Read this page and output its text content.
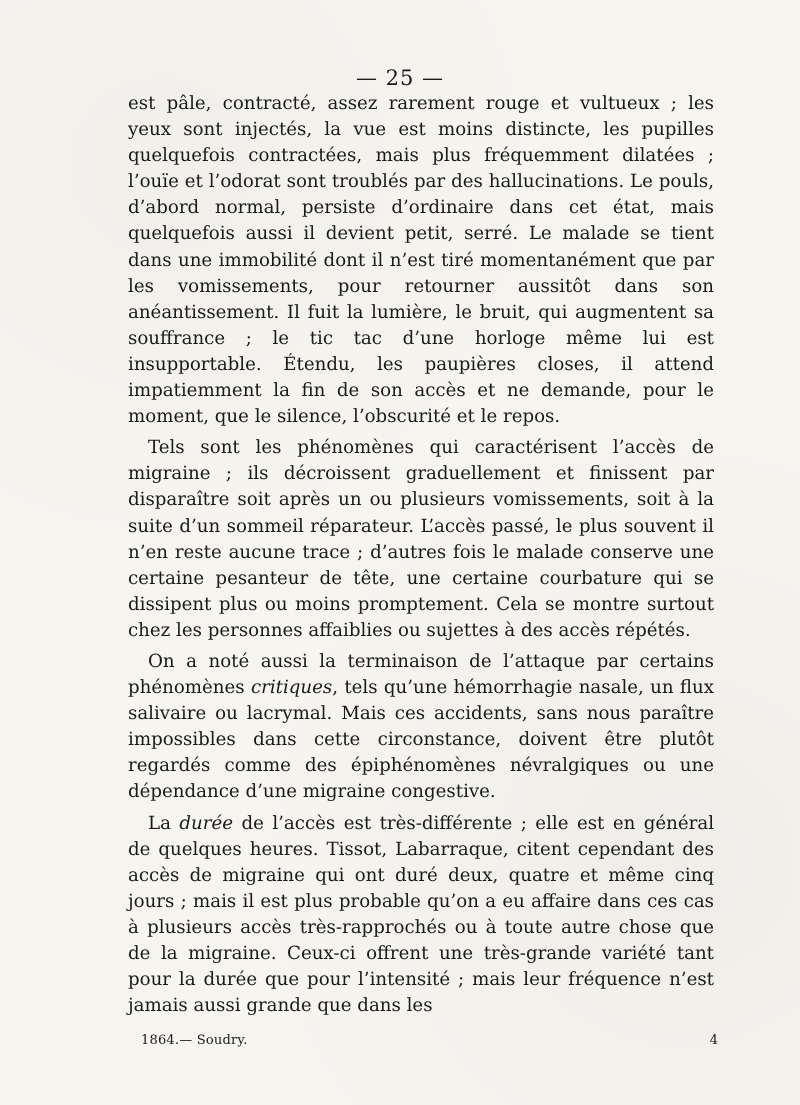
— 25 —

est pâle, contracté, assez rarement rouge et vultueux ; les yeux sont injectés, la vue est moins distincte, les pupilles quelquefois contractées, mais plus fréquemment dilatées ; l’ouïe et l’odorat sont troublés par des hallucinations. Le pouls, d’abord normal, persiste d’ordinaire dans cet état, mais quelquefois aussi il devient petit, serré. Le malade se tient dans une immobilité dont il n’est tiré momentanément que par les vomissements, pour retourner aussitôt dans son anéantissement. Il fuit la lumière, le bruit, qui augmentent sa souffrance ; le tic tac d’une horloge même lui est insupportable. Étendu, les paupières closes, il attend impatiemment la fin de son accès et ne demande, pour le moment, que le silence, l’obscurité et le repos.

Tels sont les phénomènes qui caractérisent l’accès de migraine ; ils décroissent graduellement et finissent par disparaître soit après un ou plusieurs vomissements, soit à la suite d’un sommeil réparateur. L’accès passé, le plus souvent il n’en reste aucune trace ; d’autres fois le malade conserve une certaine pesanteur de tête, une certaine courbature qui se dissipent plus ou moins promptement. Cela se montre surtout chez les personnes affaiblies ou sujettes à des accès répétés.

On a noté aussi la terminaison de l’attaque par certains phénomènes critiques, tels qu’une hémorrhagie nasale, un flux salivaire ou lacrymal. Mais ces accidents, sans nous paraître impossibles dans cette circonstance, doivent être plutôt regardés comme des épiphénomènes névralgiques ou une dépendance d’une migraine congestive.

La durée de l’accès est très-différente ; elle est en général de quelques heures. Tissot, Labarraque, citent cependant des accès de migraine qui ont duré deux, quatre et même cinq jours ; mais il est plus probable qu’on a eu affaire dans ces cas à plusieurs accès très-rapprochés ou à toute autre chose que de la migraine. Ceux-ci offrent une très-grande variété tant pour la durée que pour l’intensité ; mais leur fréquence n’est jamais aussi grande que dans les

1864.— Soudry.	4
